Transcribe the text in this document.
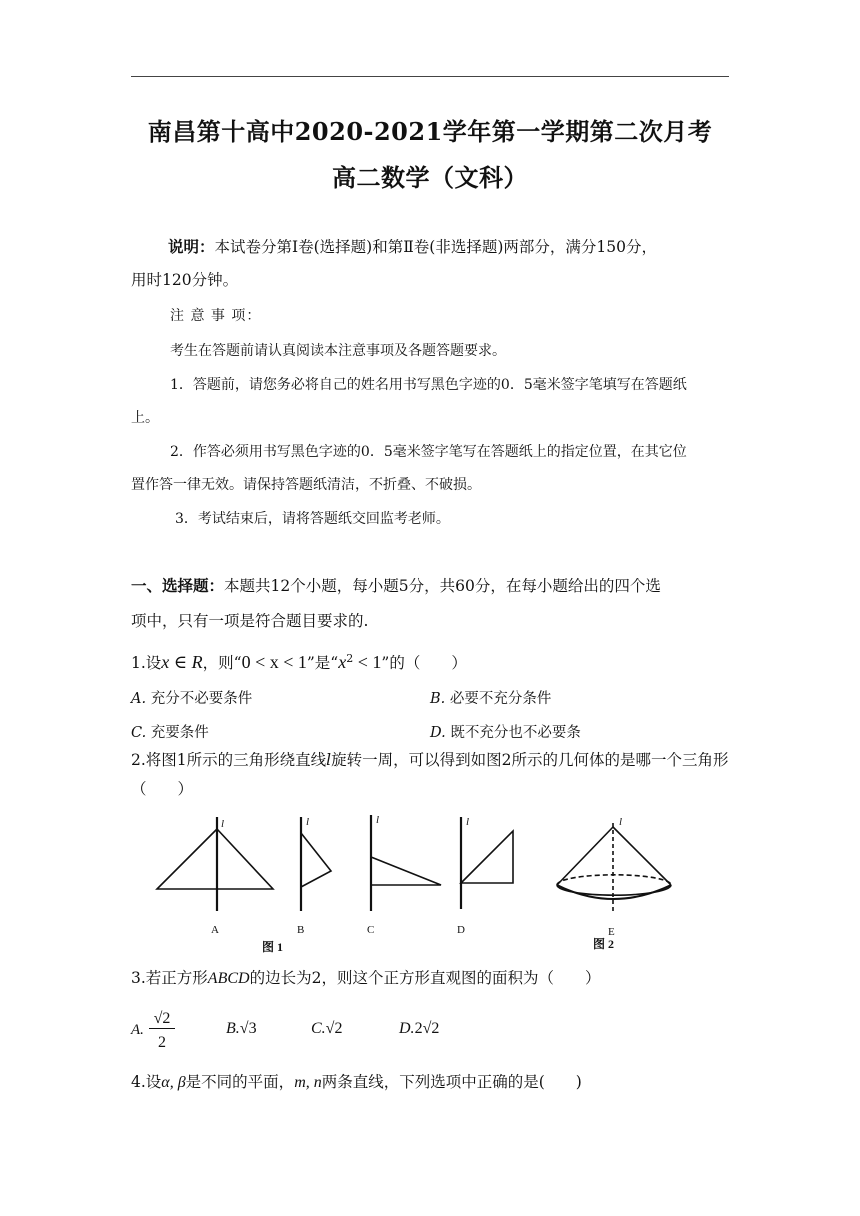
南昌第十高中2020-2021学年第一学期第二次月考
高二数学（文科）
说明：本试卷分第Ⅰ卷(选择题)和第Ⅱ卷(非选择题)两部分，满分150分，
用时120分钟。
注 意 事 项：
考生在答题前请认真阅读本注意事项及各题答题要求。
1．答题前，请您务必将自己的姓名用书写黑色字迹的0．5毫米签字笔填写在答题纸
上。
2．作答必须用书写黑色字迹的0．5毫米签字笔写在答题纸上的指定位置，在其它位
置作答一律无效。请保持答题纸清洁，不折叠、不破损。
3．考试结束后，请将答题纸交回监考老师。
一、选择题：本题共12个小题，每小题5分，共60分，在每小题给出的四个选
项中，只有一项是符合题目要求的.
1.设x ∈ R，则“0 < x < 1”是“$x^2 < 1$”的（　　）
A. 充分不必要条件	B. 必要不充分条件
C. 充要条件	D. 既不充分也不必要条
2.将图1所示的三角形绕直线l旋转一周，可以得到如图2所示的几何体的是哪一个三角形
（　　）
l	l	l	l	l
A	B	C	D	E
图 1	图 2
3.若正方形ABCD的边长为2，则这个正方形直观图的面积为（　　）
A.
√2
2
B.√3	C.√2	D.2√2
4.设α, β是不同的平面，m, n两条直线，下列选项中正确的是(　　)
